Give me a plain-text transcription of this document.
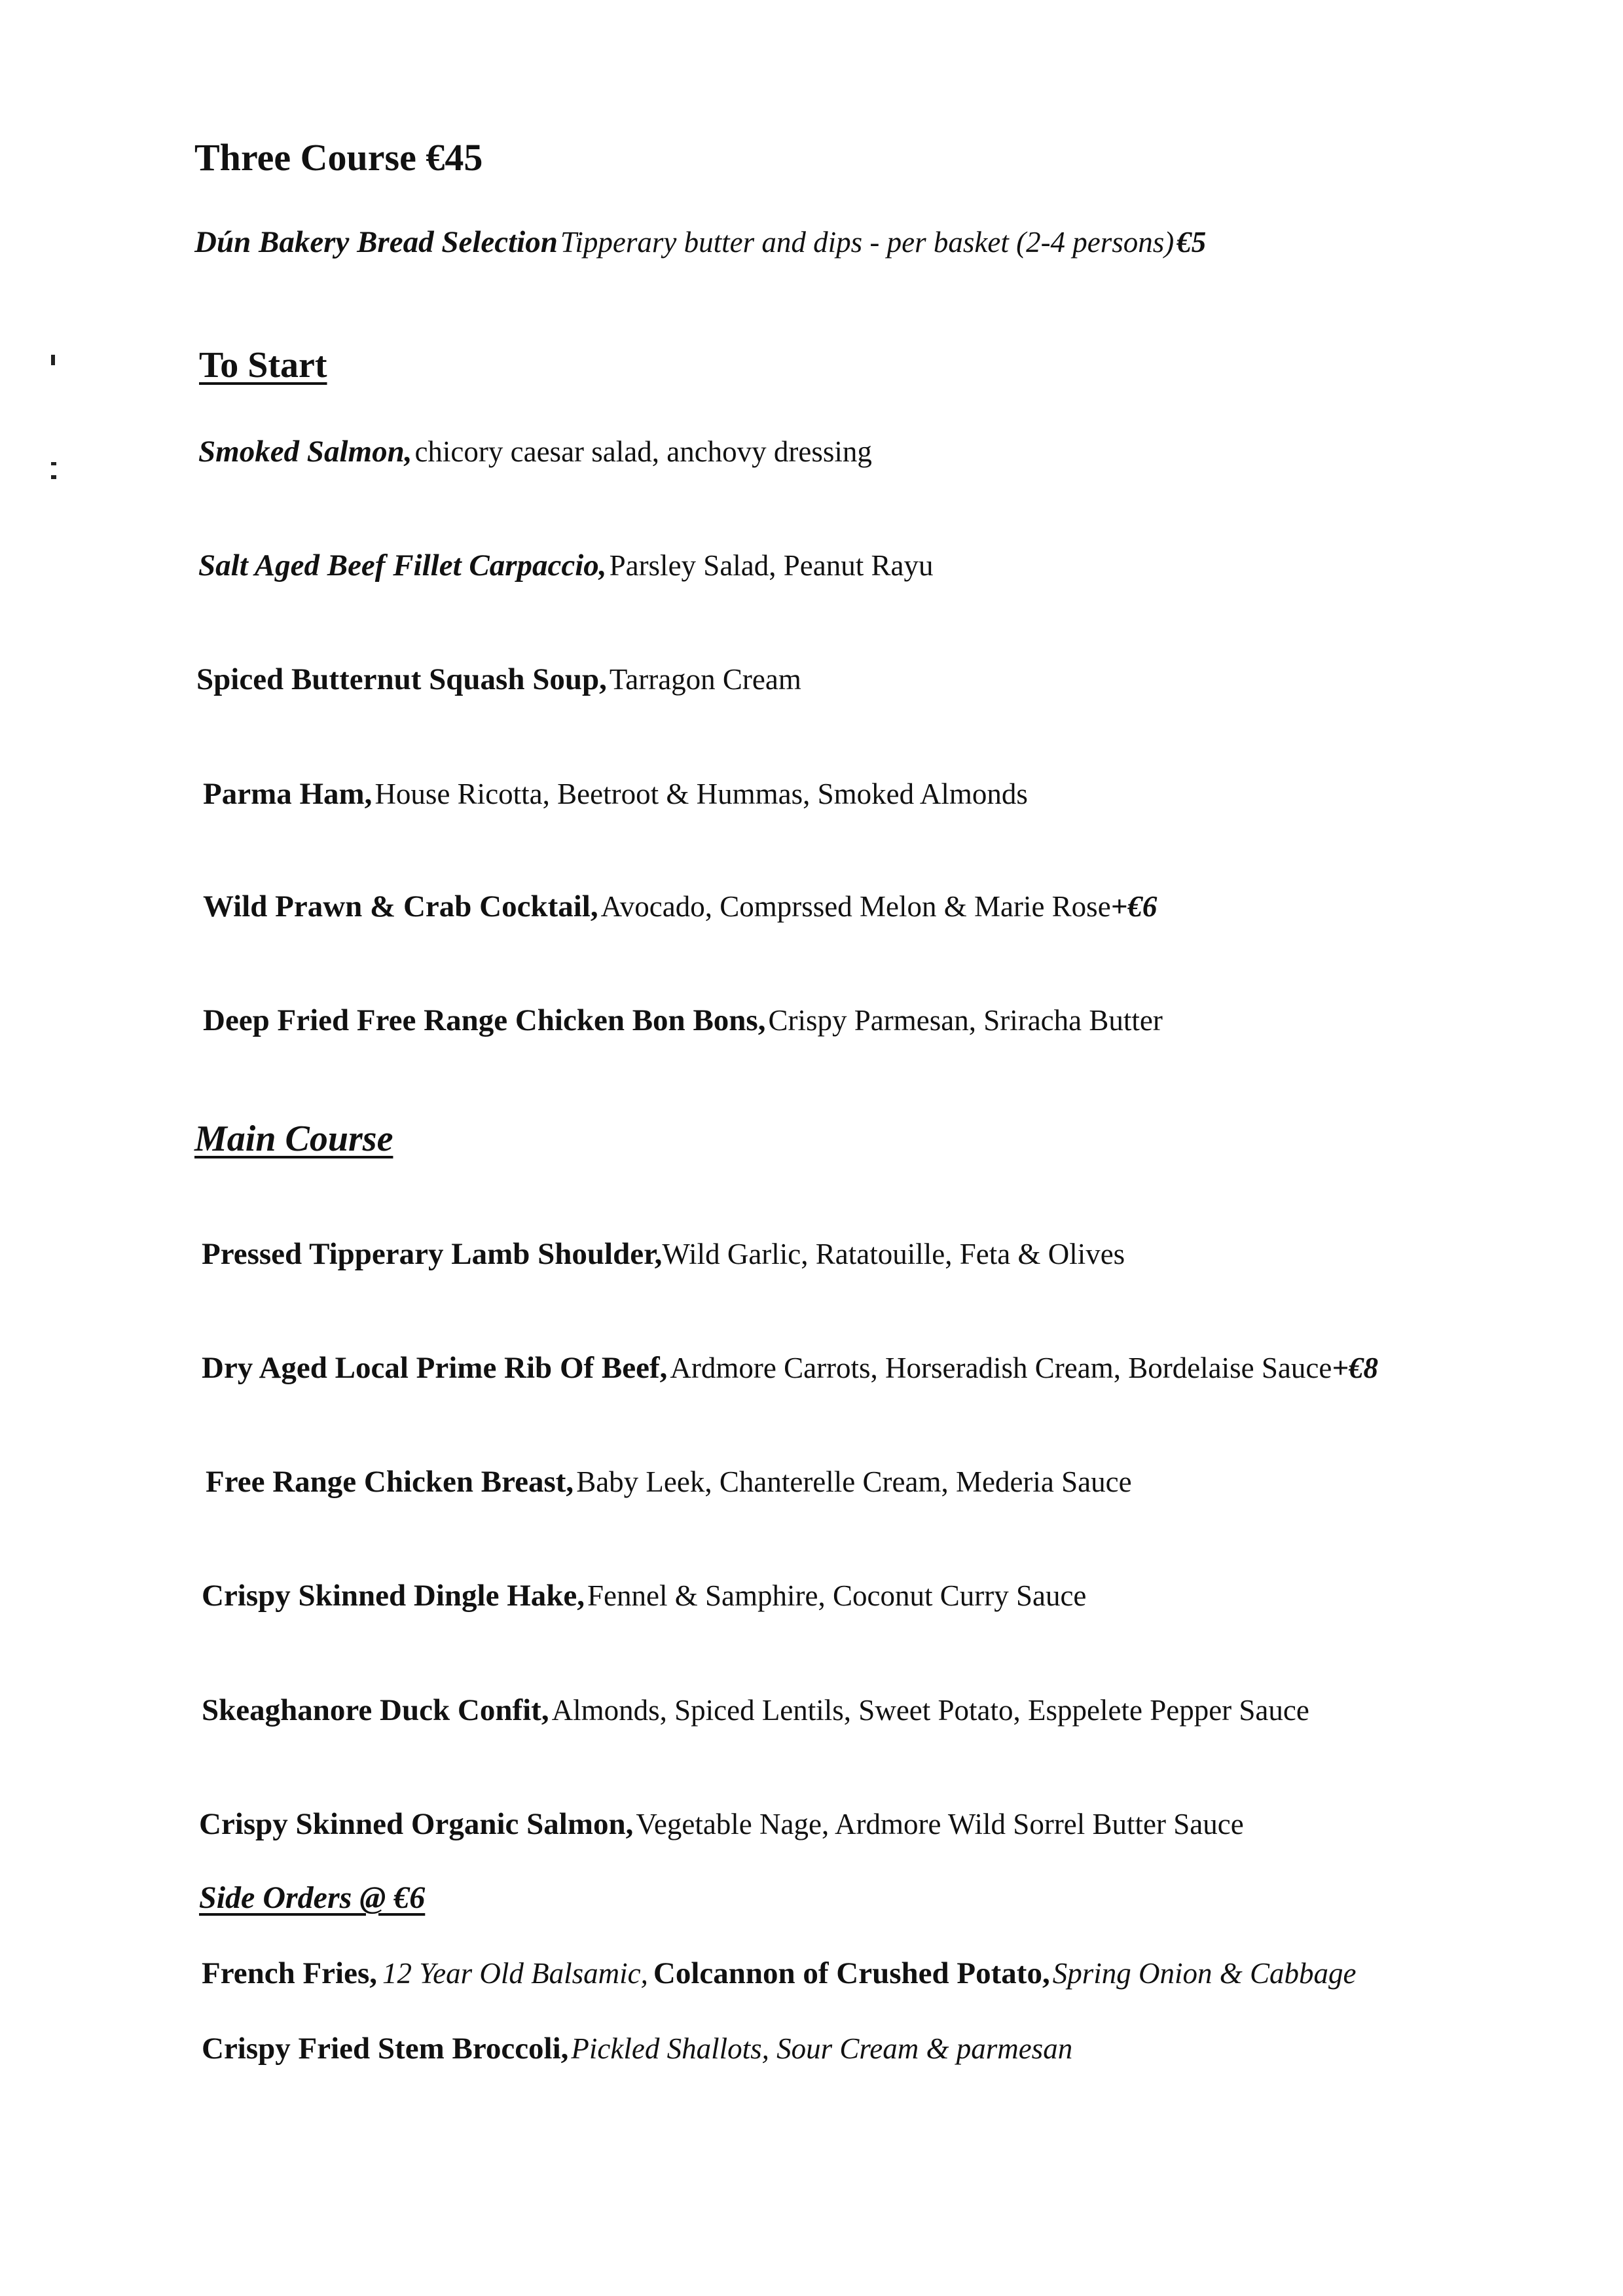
Three Course €45
Dún Bakery Bread Selection Tipperary butter and dips - per basket (2-4 persons) €5
To Start
Smoked Salmon, chicory caesar salad, anchovy dressing
Salt Aged Beef Fillet Carpaccio, Parsley Salad, Peanut Rayu
Spiced Butternut Squash Soup, Tarragon Cream
Parma Ham, House Ricotta, Beetroot & Hummas, Smoked Almonds
Wild Prawn & Crab Cocktail, Avocado, Comprssed Melon & Marie Rose+€6
Deep Fried Free Range Chicken Bon Bons, Crispy Parmesan, Sriracha Butter
Main Course
Pressed Tipperary Lamb Shoulder,Wild Garlic, Ratatouille, Feta & Olives
Dry Aged Local Prime Rib Of Beef, Ardmore Carrots, Horseradish Cream, Bordelaise Sauce+€8
Free Range Chicken Breast, Baby Leek, Chanterelle Cream, Mederia Sauce
Crispy Skinned Dingle Hake, Fennel & Samphire, Coconut Curry Sauce
Skeaghanore Duck Confit, Almonds, Spiced Lentils, Sweet Potato, Esppelete Pepper Sauce
Crispy Skinned Organic Salmon, Vegetable Nage, Ardmore Wild Sorrel Butter Sauce
Side Orders @ €6
French Fries, 12 Year Old Balsamic, Colcannon of Crushed Potato, Spring Onion & Cabbage
Crispy Fried Stem Broccoli, Pickled Shallots, Sour Cream & parmesan
